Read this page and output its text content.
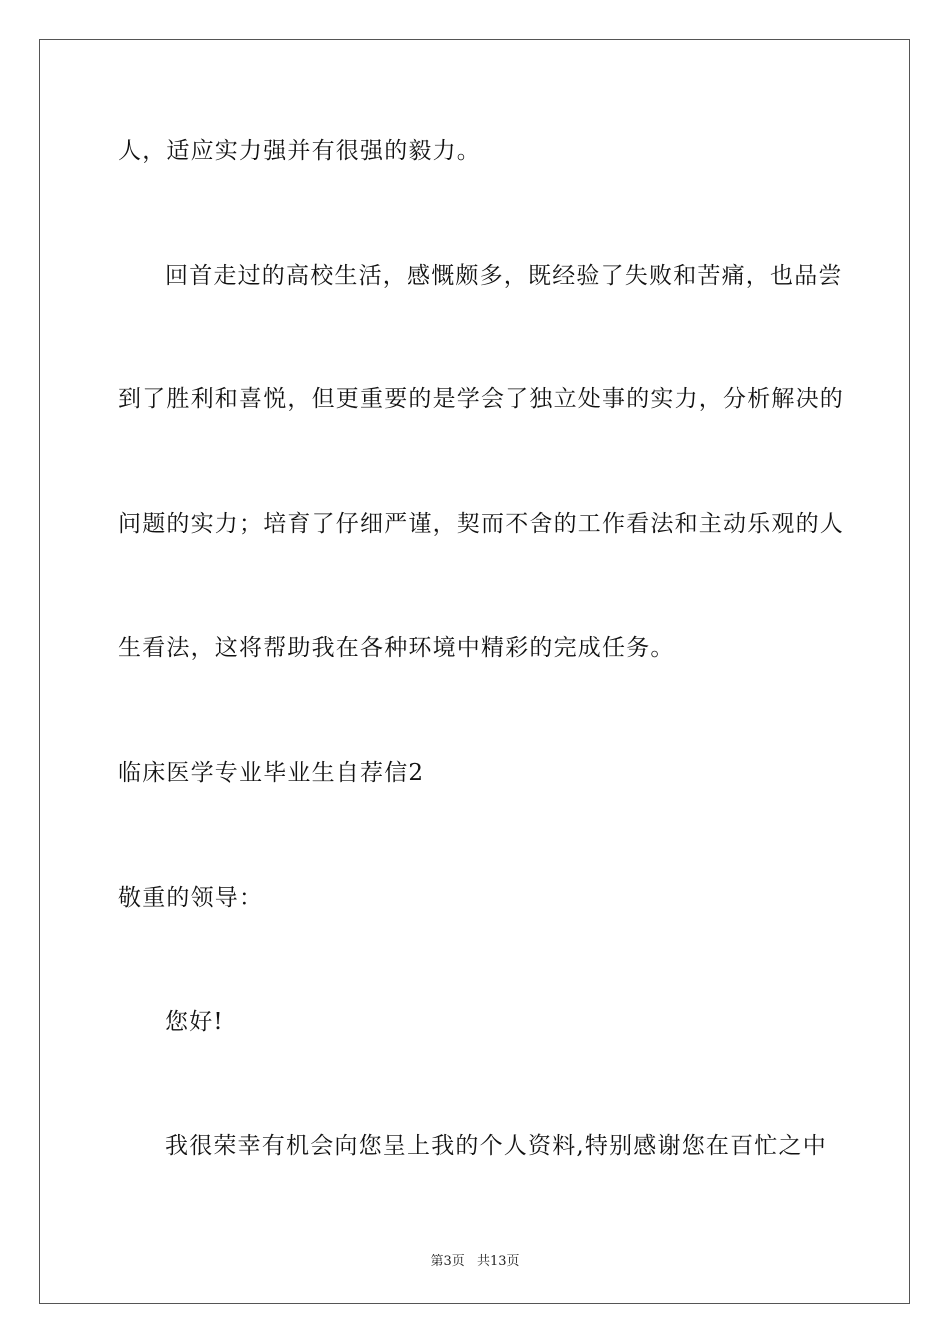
人，适应实力强并有很强的毅力。
回首走过的高校生活，感慨颇多，既经验了失败和苦痛，也品尝
到了胜利和喜悦，但更重要的是学会了独立处事的实力，分析解决的
问题的实力；培育了仔细严谨，契而不舍的工作看法和主动乐观的人
生看法，这将帮助我在各种环境中精彩的完成任务。
临床医学专业毕业生自荐信2
敬重的领导：
您好!
我很荣幸有机会向您呈上我的个人资料,特别感谢您在百忙之中
第3页 共13页
